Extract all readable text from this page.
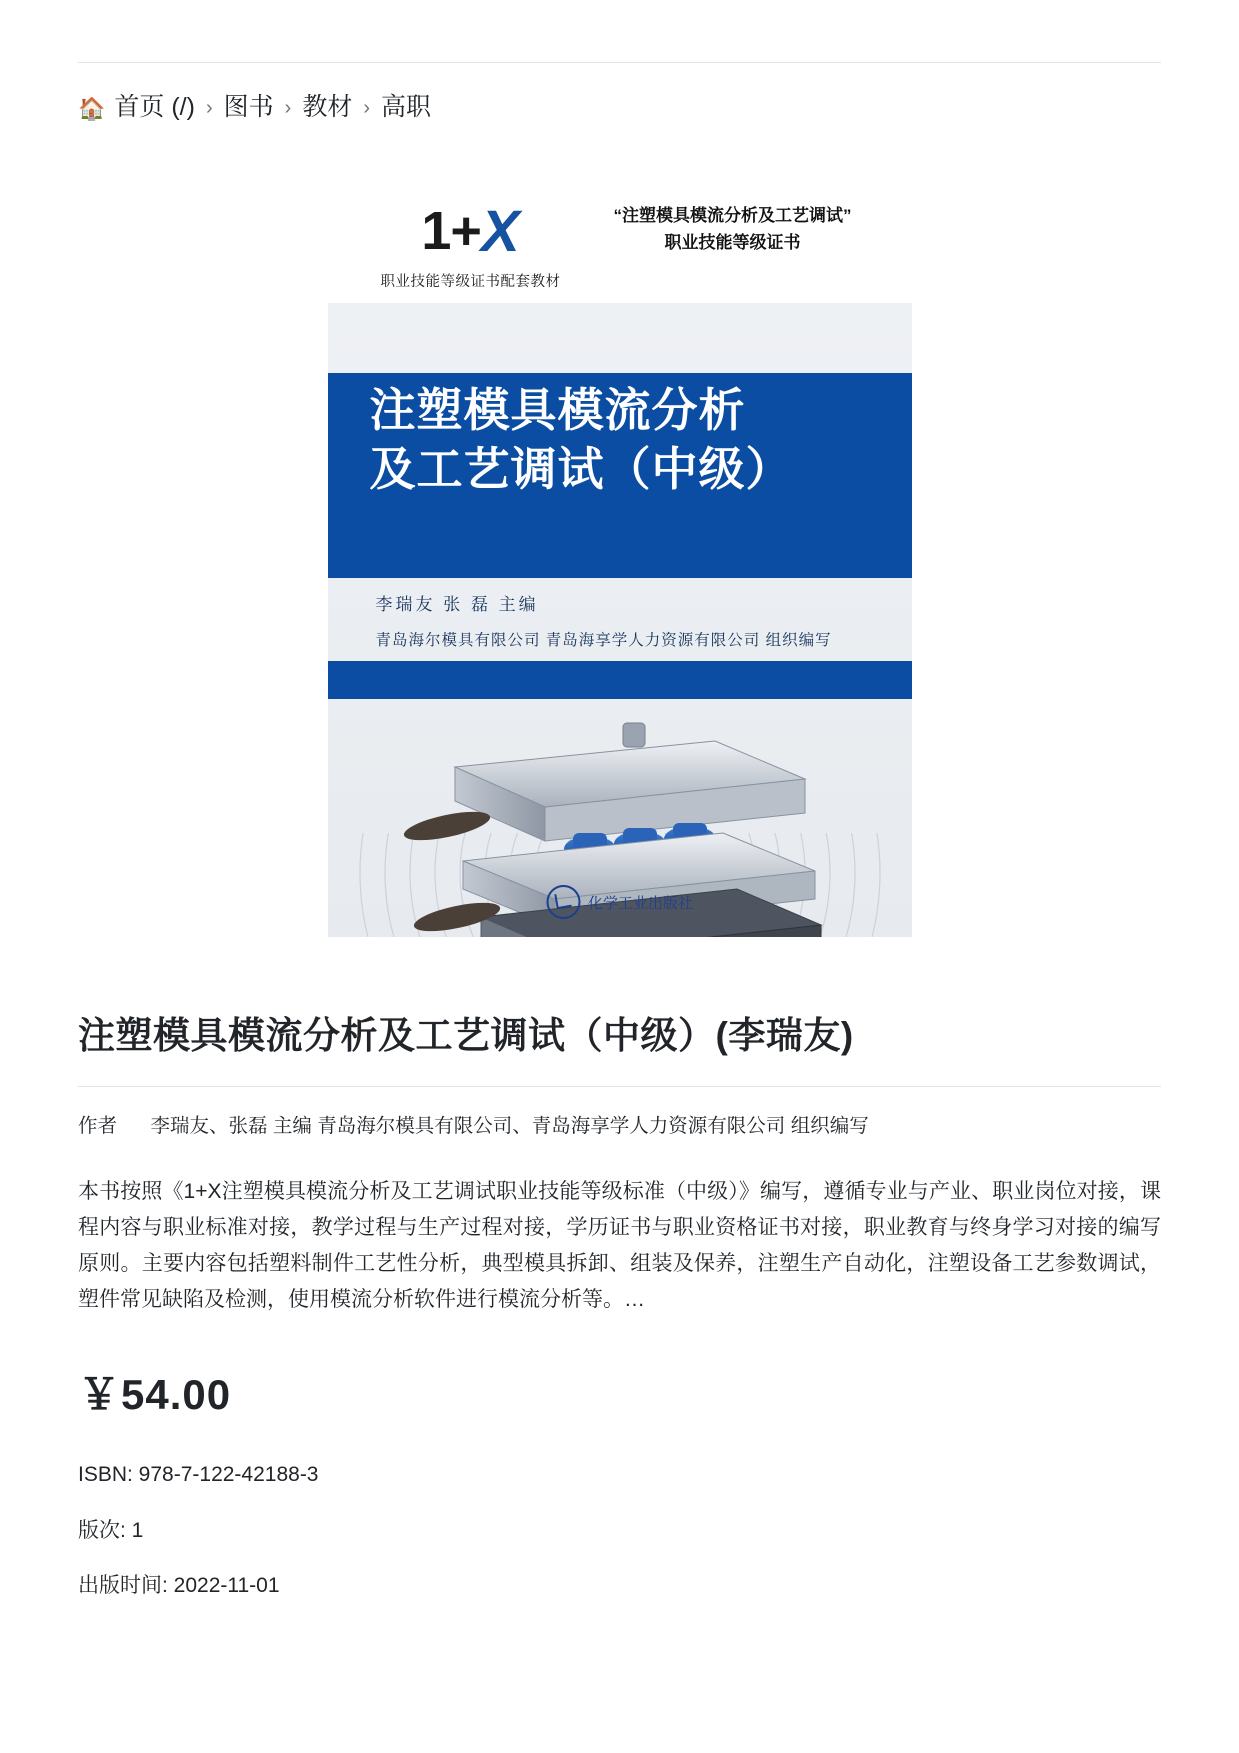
🏠 首页 (/) › 图书 › 教材 › 高职
1+X
职业技能等级证书配套教材
“注塑模具模流分析及工艺调试”
职业技能等级证书
注塑模具模流分析
及工艺调试（中级）
李瑞友 张 磊 主编
青岛海尔模具有限公司 青岛海享学人力资源有限公司 组织编写
化学工业出版社
注塑模具模流分析及工艺调试（中级）(李瑞友)
作者 李瑞友、张磊 主编 青岛海尔模具有限公司、青岛海享学人力资源有限公司 组织编写

本书按照《1+X注塑模具模流分析及工艺调试职业技能等级标准（中级）》编写，遵循专业与产业、职业岗位对接，课程内容与职业标准对接，教学过程与生产过程对接，学历证书与职业资格证书对接，职业教育与终身学习对接的编写原则。主要内容包括塑料制件工艺性分析，典型模具拆卸、组装及保养，注塑生产自动化，注塑设备工艺参数调试，塑件常见缺陷及检测，使用模流分析软件进行模流分析等。…

￥54.00
ISBN: 978-7-122-42188-3
版次: 1
出版时间: 2022-11-01
